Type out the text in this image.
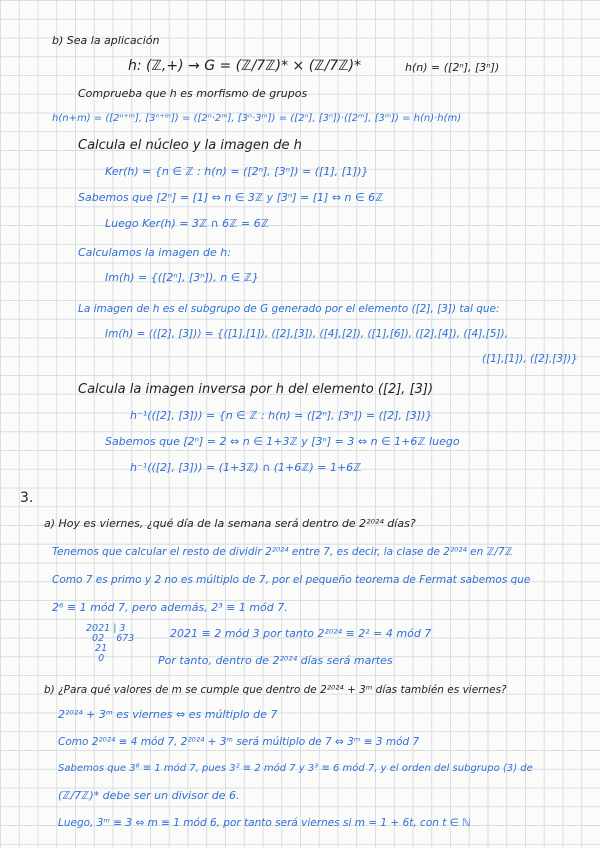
b) Sea la aplicación
h: (ℤ,+) → G = (ℤ/7ℤ)* × (ℤ/7ℤ)*	h(n) = ([2ⁿ], [3ⁿ])
Comprueba que h es morfismo de grupos
h(n+m) = ([2ⁿ⁺ᵐ], [3ⁿ⁺ᵐ]) = ([2ⁿ·2ᵐ], [3ⁿ·3ᵐ]) = ([2ⁿ], [3ⁿ])·([2ᵐ], [3ᵐ]) = h(n)·h(m)
Calcula el núcleo y la imagen de h
Ker(h) = {n ∈ ℤ : h(n) = ([2ⁿ], [3ⁿ]) = ([1], [1])}
Sabemos que [2ⁿ] = [1] ⇔ n ∈ 3ℤ y [3ⁿ] = [1] ⇔ n ∈ 6ℤ
Luego Ker(h) = 3ℤ ∩ 6ℤ = 6ℤ
Calculamos la imagen de h:
Im(h) = {([2ⁿ], [3ⁿ]), n ∈ ℤ}
La imagen de h es el subgrupo de G generado por el elemento ([2], [3]) tal que:
Im(h) = ⟨([2], [3])⟩ = {([1],[1]), ([2],[3]), ([4],[2]), ([1],[6]), ([2],[4]), ([4],[5]),
([1],[1]), ([2],[3])}
Calcula la imagen inversa por h del elemento ([2], [3])
h⁻¹(([2], [3])) = {n ∈ ℤ : h(n) = ([2ⁿ], [3ⁿ]) = ([2], [3])}
Sabemos que [2ⁿ] = 2 ⇔ n ∈ 1+3ℤ y [3ⁿ] = 3 ⇔ n ∈ 1+6ℤ luego
h⁻¹(([2], [3])) = (1+3ℤ) ∩ (1+6ℤ) = 1+6ℤ
3.
a) Hoy es viernes, ¿qué día de la semana será dentro de 2²⁰²⁴ días?
Tenemos que calcular el resto de dividir 2²⁰²⁴ entre 7, es decir, la clase de 2²⁰²⁴ en ℤ/7ℤ
Como 7 es primo y 2 no es múltiplo de 7, por el pequeño teorema de Fermat sabemos que
2⁶ ≡ 1 mód 7, pero además, 2³ ≡ 1 mód 7.
2021 | 3
02    673
21
0
2021 ≡ 2 mód 3 por tanto 2²⁰²⁴ ≡ 2² = 4 mód 7
Por tanto, dentro de 2²⁰²⁴ días será martes
b) ¿Para qué valores de m se cumple que dentro de 2²⁰²⁴ + 3ᵐ días también es viernes?
2²⁰²⁴ + 3ᵐ es viernes ⇔ es múltiplo de 7
Como 2²⁰²⁴ ≡ 4 mód 7, 2²⁰²⁴ + 3ᵐ será múltiplo de 7 ⇔ 3ᵐ ≡ 3 mód 7
Sabemos que 3⁶ ≡ 1 mód 7, pues 3² ≡ 2 mód 7 y 3³ ≡ 6 mód 7, y el orden del subgrupo ⟨3⟩ de
(ℤ/7ℤ)* debe ser un divisor de 6.
Luego, 3ᵐ ≡ 3 ⇔ m ≡ 1 mód 6, por tanto será viernes si m = 1 + 6t, con t ∈ ℕ
